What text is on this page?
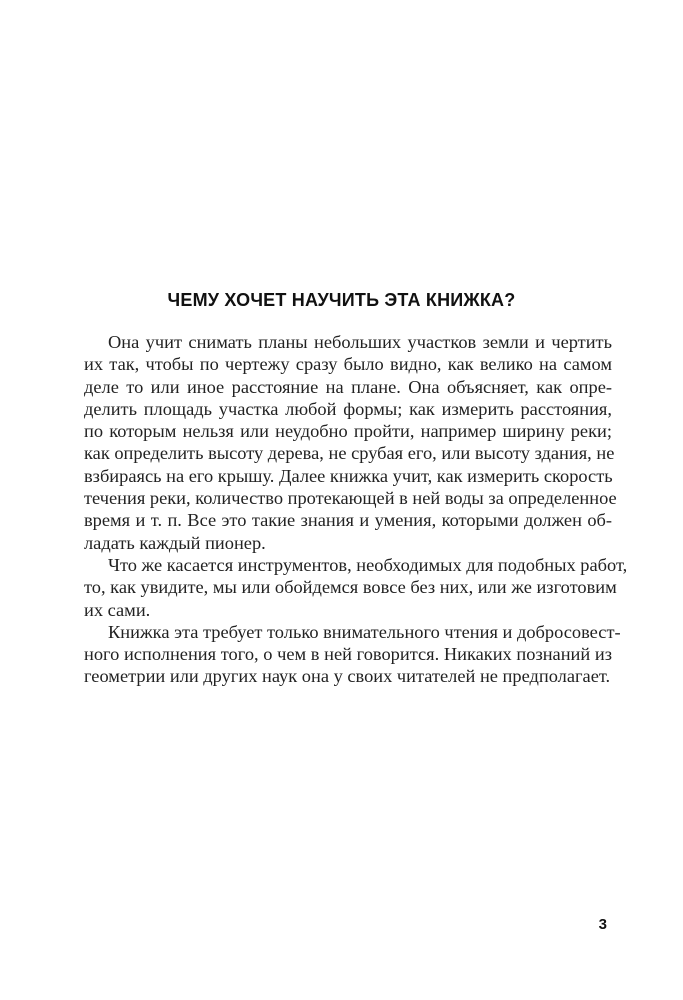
ЧЕМУ ХОЧЕТ НАУЧИТЬ ЭТА КНИЖКА?
Она учит снимать планы небольших участков земли и чертить
их так, чтобы по чертежу сразу было видно, как велико на самом
деле то или иное расстояние на плане. Она объясняет, как опре-
делить площадь участка любой формы; как измерить расстояния,
по которым нельзя или неудобно пройти, например ширину реки;
как определить высоту дерева, не срубая его, или высоту здания, не
взбираясь на его крышу. Далее книжка учит, как измерить скорость
течения реки, количество протекающей в ней воды за определенное
время и т. п. Все это такие знания и умения, которыми должен об-
ладать каждый пионер.
Что же касается инструментов, необходимых для подобных работ,
то, как увидите, мы или обойдемся вовсе без них, или же изготовим
их сами.
Книжка эта требует только внимательного чтения и добросовест-
ного исполнения того, о чем в ней говорится. Никаких познаний из
геометрии или других наук она у своих читателей не предполагает.
3
